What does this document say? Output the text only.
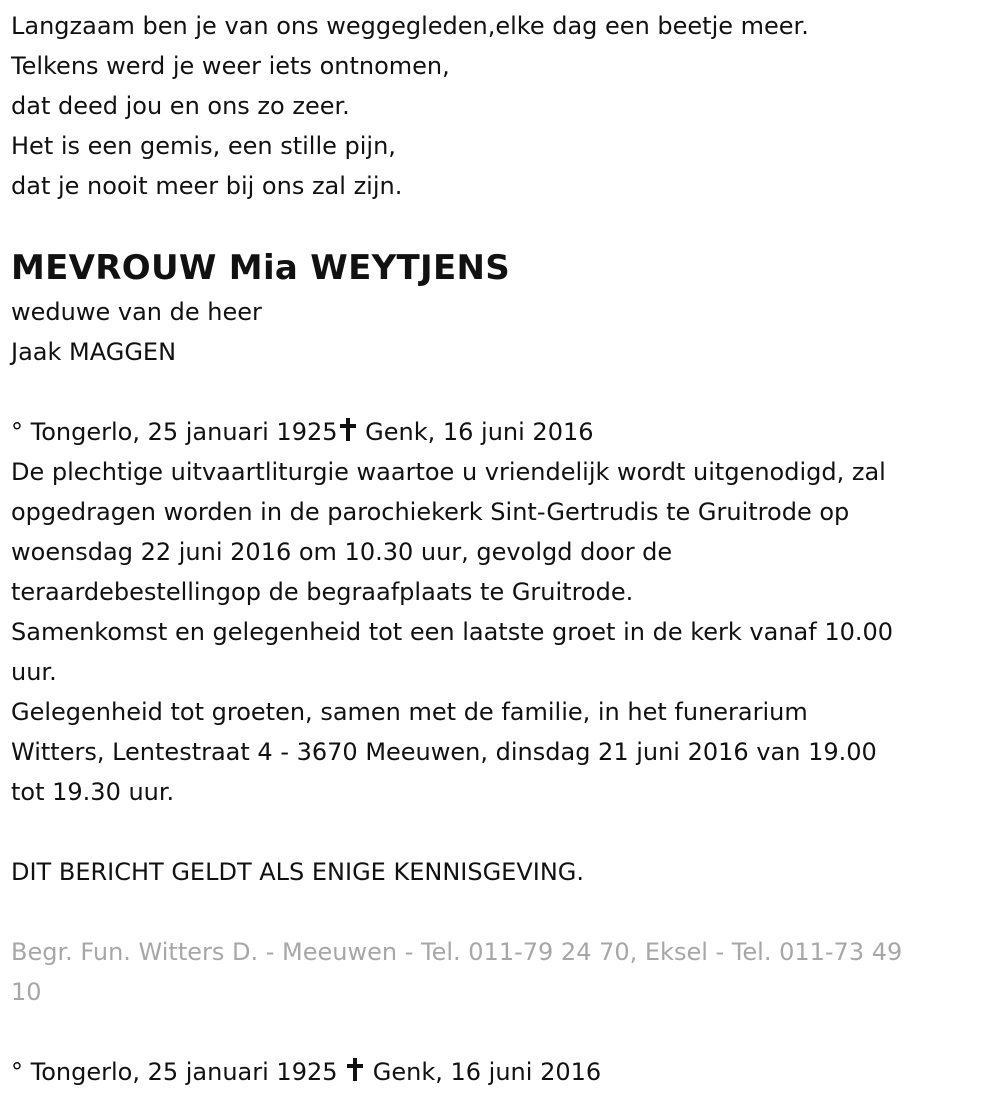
Langzaam ben je van ons weggegleden,elke dag een beetje meer.
Telkens werd je weer iets ontnomen,
dat deed jou en ons zo zeer.
Het is een gemis, een stille pijn,
dat je nooit meer bij ons zal zijn.
MEVROUW Mia WEYTJENS
weduwe van de heer
Jaak MAGGEN
° Tongerlo, 25 januari 1925 Genk, 16 juni 2016
De plechtige uitvaartliturgie waartoe u vriendelijk wordt uitgenodigd, zal
opgedragen worden in de parochiekerk Sint-Gertrudis te Gruitrode op
woensdag 22 juni 2016 om 10.30 uur, gevolgd door de
teraardebestellingop de begraafplaats te Gruitrode.
Samenkomst en gelegenheid tot een laatste groet in de kerk vanaf 10.00
uur.
Gelegenheid tot groeten, samen met de familie, in het funerarium
Witters, Lentestraat 4 - 3670 Meeuwen, dinsdag 21 juni 2016 van 19.00
tot 19.30 uur.
DIT BERICHT GELDT ALS ENIGE KENNISGEVING.
Begr. Fun. Witters D. - Meeuwen - Tel. 011-79 24 70, Eksel - Tel. 011-73 49
10
° Tongerlo, 25 januari 1925 Genk, 16 juni 2016
